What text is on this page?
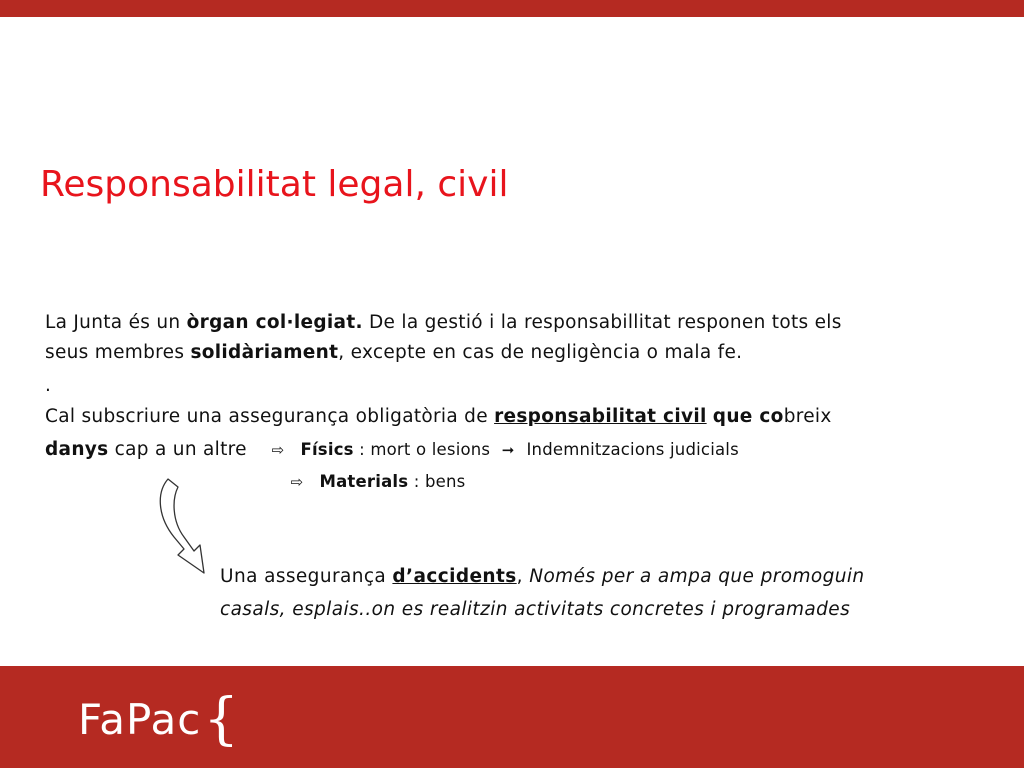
Responsabilitat legal, civil
La Junta és un òrgan col·legiat. De la gestió i la responsabillitat responen tots els
seus membres solidàriament, excepte en cas de negligència o mala fe.
.
Cal subscriure una assegurança obligatòria de responsabilitat civil que cobreix
danys cap a un altre ⇨ Físics : mort o lesions ➞ Indemnitzacions judicials
⇨ Materials : bens
Una assegurança d’accidents, Només per a ampa que promoguin
casals, esplais..on es realitzin activitats concretes i programades
FaPac{
